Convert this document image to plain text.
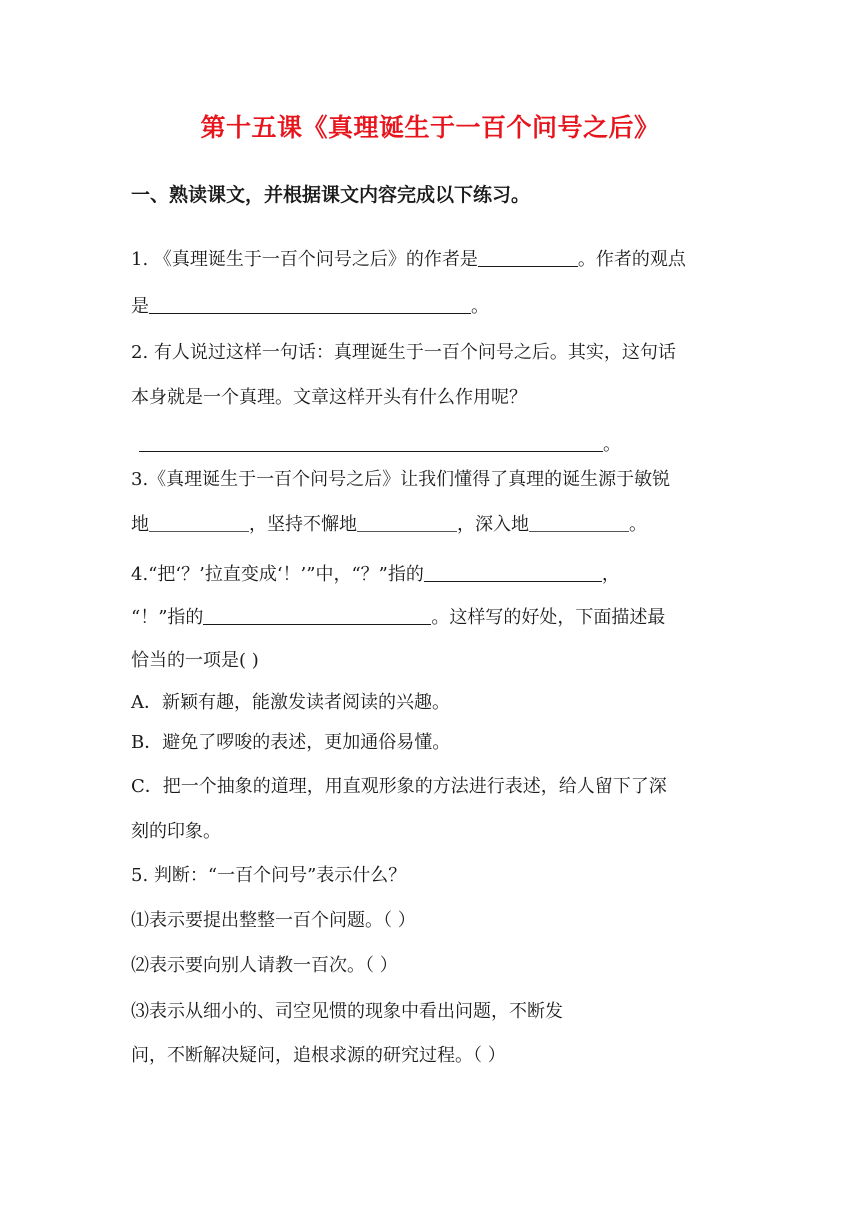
第十五课《真理诞生于一百个问号之后》
一、熟读课文，并根据课文内容完成以下练习。
1. 《真理诞生于一百个问号之后》的作者是	。作者的观点
是	。
2. 有人说过这样一句话：真理诞生于一百个问号之后。其实，这句话
本身就是一个真理。文章这样开头有什么作用呢？
。
3.《真理诞生于一百个问号之后》让我们懂得了真理的诞生源于敏锐
地	，坚持不懈地	，深入地	。
4.“把‘？’拉直变成‘！’”中，“？”指的	，
“！”指的	。这样写的好处，下面描述最
恰当的一项是( )
A．新颖有趣，能激发读者阅读的兴趣。
B．避免了啰唆的表述，更加通俗易懂。
C．把一个抽象的道理，用直观形象的方法进行表述，给人留下了深
刻的印象。
5. 判断：“一百个问号”表示什么？
⑴表示要提出整整一百个问题。（ ）
⑵表示要向别人请教一百次。（ ）
⑶表示从细小的、司空见惯的现象中看出问题，不断发
问，不断解决疑问，追根求源的研究过程。（ ）
